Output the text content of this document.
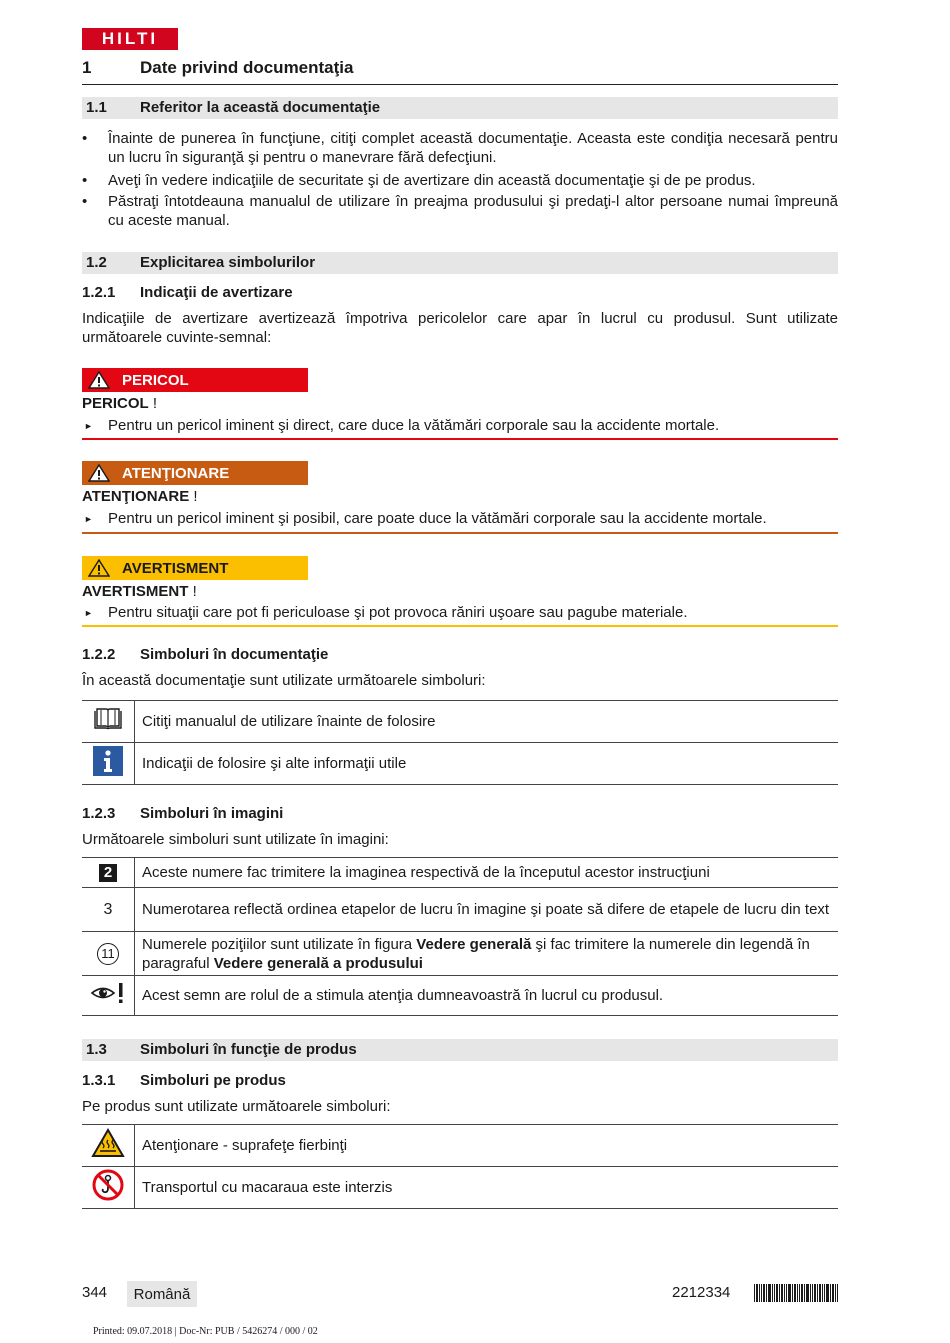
HILTI
1	Date privind documentaţia
1.1 Referitor la această documentaţie
• Înainte de punerea în funcţiune, citiţi complet această documentaţie. Aceasta este condiţia necesară pentru un lucru în siguranţă şi pentru o manevrare fără defecţiuni.
• Aveţi în vedere indicaţiile de securitate şi de avertizare din această documentaţie şi de pe produs.
• Păstraţi întotdeauna manualul de utilizare în preajma produsului şi predaţi-l altor persoane numai împreună cu aceste manual.
1.2 Explicitarea simbolurilor
1.2.1 Indicaţii de avertizare
Indicaţiile de avertizare avertizează împotriva pericolelor care apar în lucrul cu produsul. Sunt utilizate următoarele cuvinte-semnal:
PERICOL
PERICOL !
► Pentru un pericol iminent şi direct, care duce la vătămări corporale sau la accidente mortale.
ATENŢIONARE
ATENŢIONARE !
► Pentru un pericol iminent şi posibil, care poate duce la vătămări corporale sau la accidente mortale.
AVERTISMENT
AVERTISMENT !
► Pentru situaţii care pot fi periculoase şi pot provoca răniri uşoare sau pagube materiale.
1.2.2 Simboluri în documentaţie
În această documentaţie sunt utilizate următoarele simboluri:
	Citiţi manualul de utilizare înainte de folosire
	Indicaţii de folosire şi alte informaţii utile
1.2.3 Simboluri în imagini
Următoarele simboluri sunt utilizate în imagini:
2	Aceste numere fac trimitere la imaginea respectivă de la începutul acestor instrucţiuni
3	Numerotarea reflectă ordinea etapelor de lucru în imagine şi poate să difere de etapele de lucru din text
11	Numerele poziţiilor sunt utilizate în figura Vedere generală şi fac trimitere la numerele din legendă în paragraful Vedere generală a produsului
	Acest semn are rolul de a stimula atenţia dumneavoastră în lucrul cu produsul.
1.3 Simboluri în funcţie de produs
1.3.1 Simboluri pe produs
Pe produs sunt utilizate următoarele simboluri:
	Atenţionare - suprafeţe fierbinţi
	Transportul cu macaraua este interzis
344 Română	2212334
Printed: 09.07.2018 | Doc-Nr: PUB / 5426274 / 000 / 02
